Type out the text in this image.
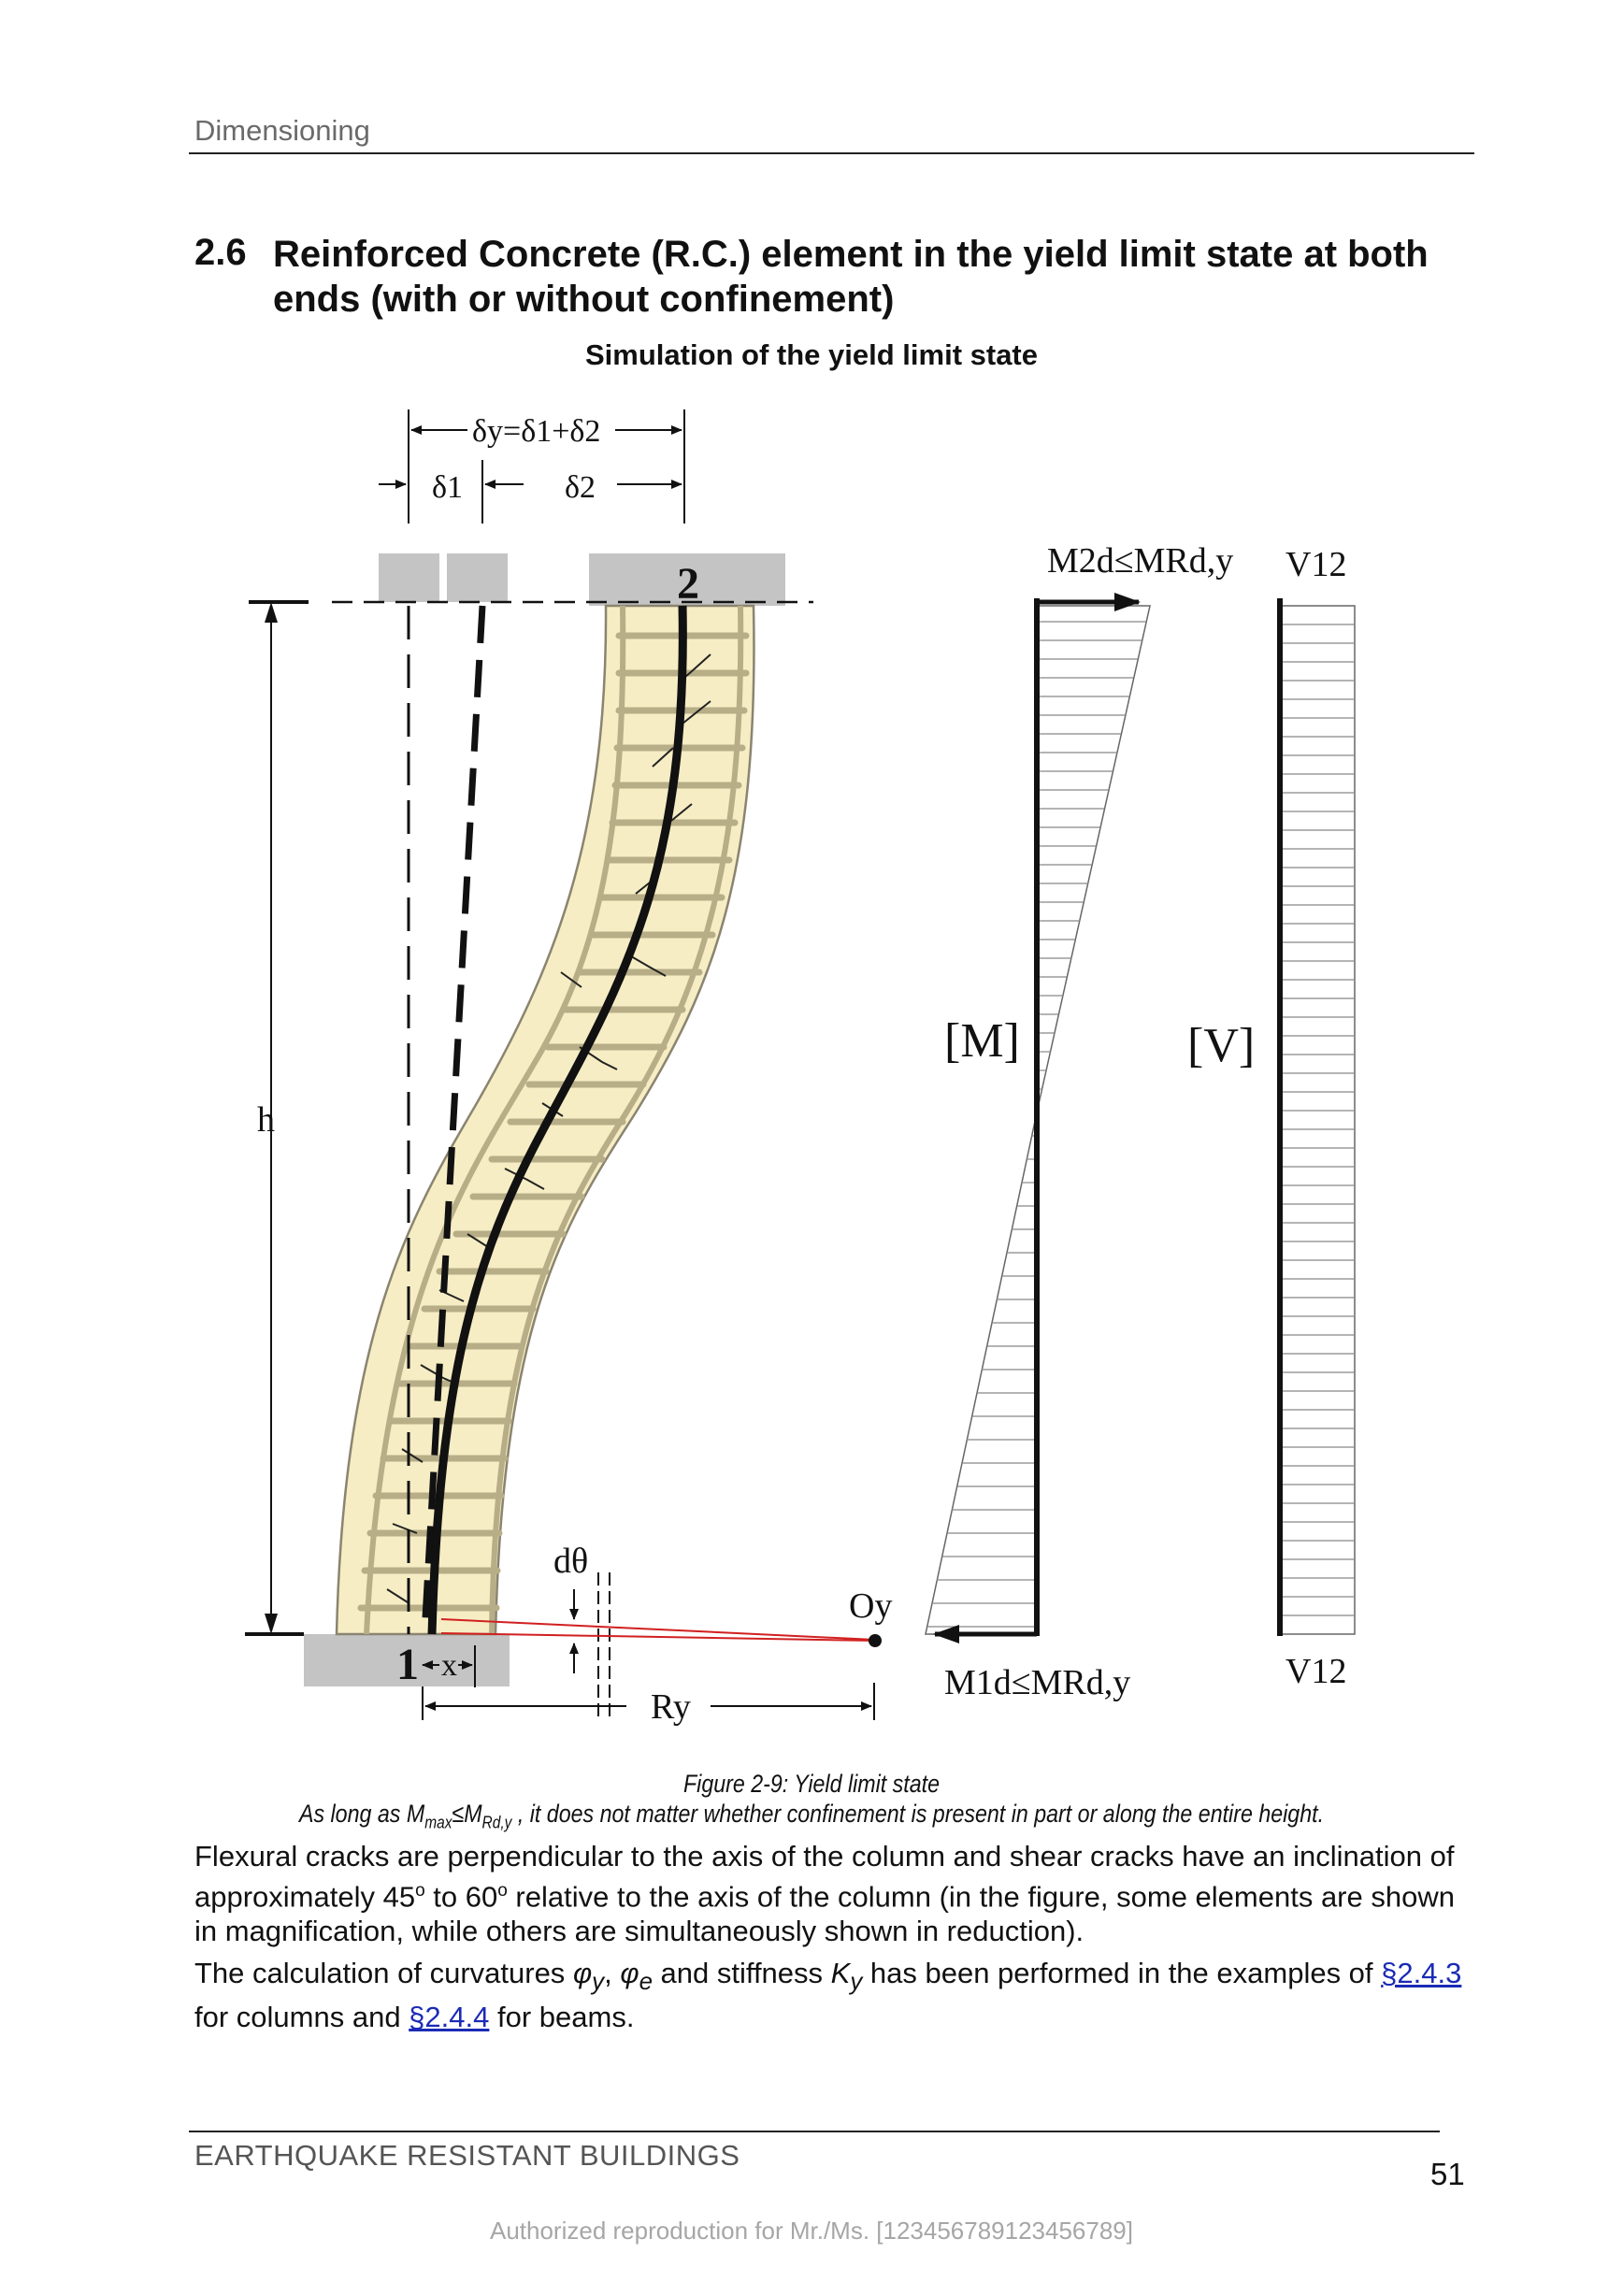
Dimensioning
2.6 Reinforced Concrete (R.C.) element in the yield limit state at both ends (with or without confinement)
Simulation of the yield limit state
h
2
1
δy=δ1+δ2
δ1	δ2
x
Ry
dθ
Oy
M2d≤MRd,y
M1d≤MRd,y
[M]
V12
V12
[V]
Figure 2-9: Yield limit state
As long as $M_{max}\le M_{Rd,y}$ , it does not matter whether confinement is present in part or along the entire height.
Flexural cracks are perpendicular to the axis of the column and shear cracks have an inclination of approximately 45$^o$ to 60$^o$ relative to the axis of the column (in the figure, some elements are shown in magnification, while others are simultaneously shown in reduction).
The calculation of curvatures $\varphi_y$, $\varphi_e$ and stiffness $K_y$ has been performed in the examples of §2.4.3 for columns and §2.4.4 for beams.
EARTHQUAKE RESISTANT BUILDINGS
51
Authorized reproduction for Mr./Ms. [123456789123456789]
